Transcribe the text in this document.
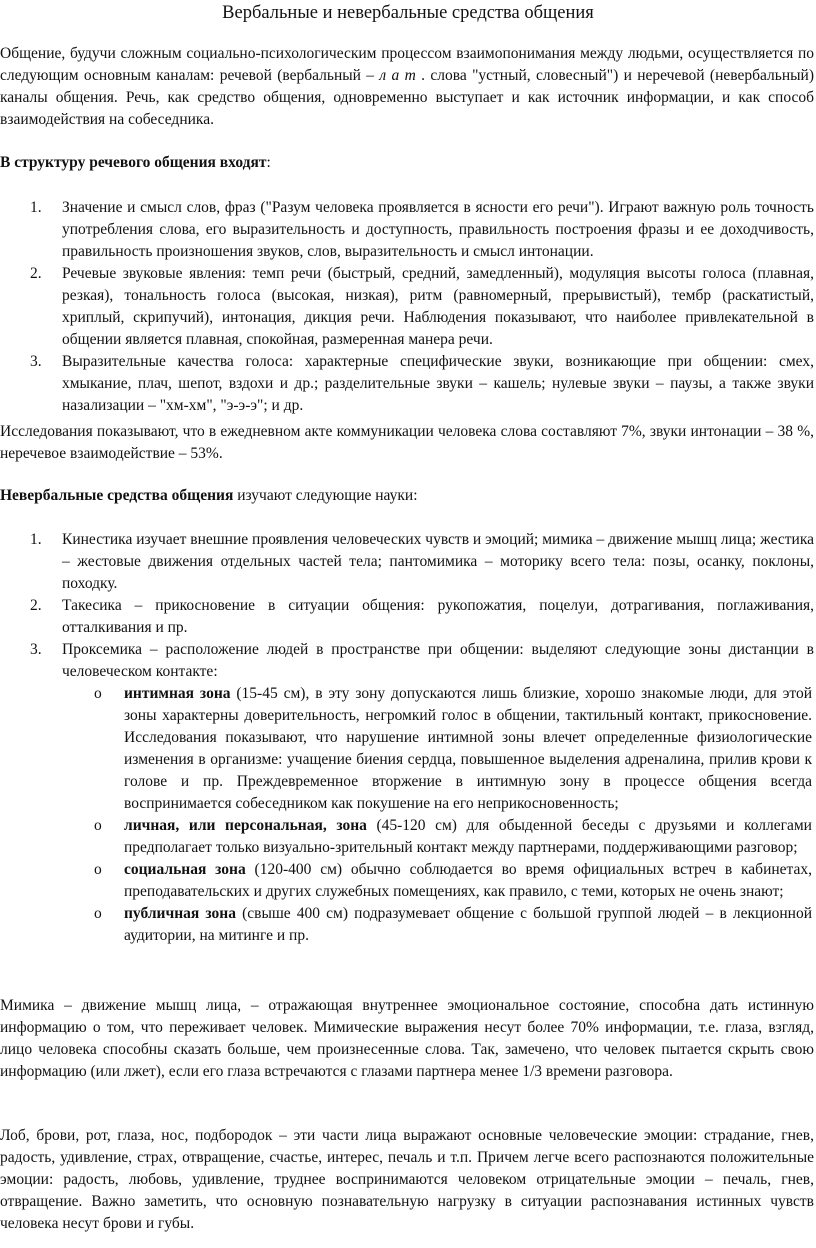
Вербальные и невербальные средства общения

Общение, будучи сложным социально-психологическим процессом взаимопонимания между людьми, осуществляется по следующим основным каналам: речевой (вербальный – л а т . слова "устный, словесный") и неречевой (невербальный) каналы общения. Речь, как средство общения, одновременно выступает и как источник информации, и как способ взаимодействия на собеседника.

В структуру речевого общения входят:

1. Значение и смысл слов, фраз ("Разум человека проявляется в ясности его речи"). Играют важную роль точность употребления слова, его выразительность и доступность, правильность построения фразы и ее доходчивость, правильность произношения звуков, слов, выразительность и смысл интонации.
2. Речевые звуковые явления: темп речи (быстрый, средний, замедленный), модуляция высоты голоса (плавная, резкая), тональность голоса (высокая, низкая), ритм (равномерный, прерывистый), тембр (раскатистый, хриплый, скрипучий), интонация, дикция речи. Наблюдения показывают, что наиболее привлекательной в общении является плавная, спокойная, размеренная манера речи.
3. Выразительные качества голоса: характерные специфические звуки, возникающие при общении: смех, хмыкание, плач, шепот, вздохи и др.; разделительные звуки – кашель; нулевые звуки – паузы, а также звуки назализации – "хм-хм", "э-э-э"; и др.

Исследования показывают, что в ежедневном акте коммуникации человека слова составляют 7%, звуки интонации – 38 %, неречевое взаимодействие – 53%.

Невербальные средства общения изучают следующие науки:

1. Кинестика изучает внешние проявления человеческих чувств и эмоций; мимика – движение мышц лица; жестика – жестовые движения отдельных частей тела; пантомимика – моторику всего тела: позы, осанку, поклоны, походку.
2. Такесика – прикосновение в ситуации общения: рукопожатия, поцелуи, дотрагивания, поглаживания, отталкивания и пр.
3. Проксемика – расположение людей в пространстве при общении: выделяют следующие зоны дистанции в человеческом контакте:
o интимная зона (15-45 см), в эту зону допускаются лишь близкие, хорошо знакомые люди, для этой зоны характерны доверительность, негромкий голос в общении, тактильный контакт, прикосновение. Исследования показывают, что нарушение интимной зоны влечет определенные физиологические изменения в организме: учащение биения сердца, повышенное выделения адреналина, прилив крови к голове и пр. Преждевременное вторжение в интимную зону в процессе общения всегда воспринимается собеседником как покушение на его неприкосновенность;
o личная, или персональная, зона (45-120 см) для обыденной беседы с друзьями и коллегами предполагает только визуально-зрительный контакт между партнерами, поддерживающими разговор;
o социальная зона (120-400 см) обычно соблюдается во время официальных встреч в кабинетах, преподавательских и других служебных помещениях, как правило, с теми, которых не очень знают;
o публичная зона (свыше 400 см) подразумевает общение с большой группой людей – в лекционной аудитории, на митинге и пр.

Мимика – движение мышц лица, – отражающая внутреннее эмоциональное состояние, способна дать истинную информацию о том, что переживает человек. Мимические выражения несут более 70% информации, т.е. глаза, взгляд, лицо человека способны сказать больше, чем произнесенные слова. Так, замечено, что человек пытается скрыть свою информацию (или лжет), если его глаза встречаются с глазами партнера менее 1/3 времени разговора.

Лоб, брови, рот, глаза, нос, подбородок – эти части лица выражают основные человеческие эмоции: страдание, гнев, радость, удивление, страх, отвращение, счастье, интерес, печаль и т.п. Причем легче всего распознаются положительные эмоции: радость, любовь, удивление, труднее воспринимаются человеком отрицательные эмоции – печаль, гнев, отвращение. Важно заметить, что основную познавательную нагрузку в ситуации распознавания истинных чувств человека несут брови и губы.
